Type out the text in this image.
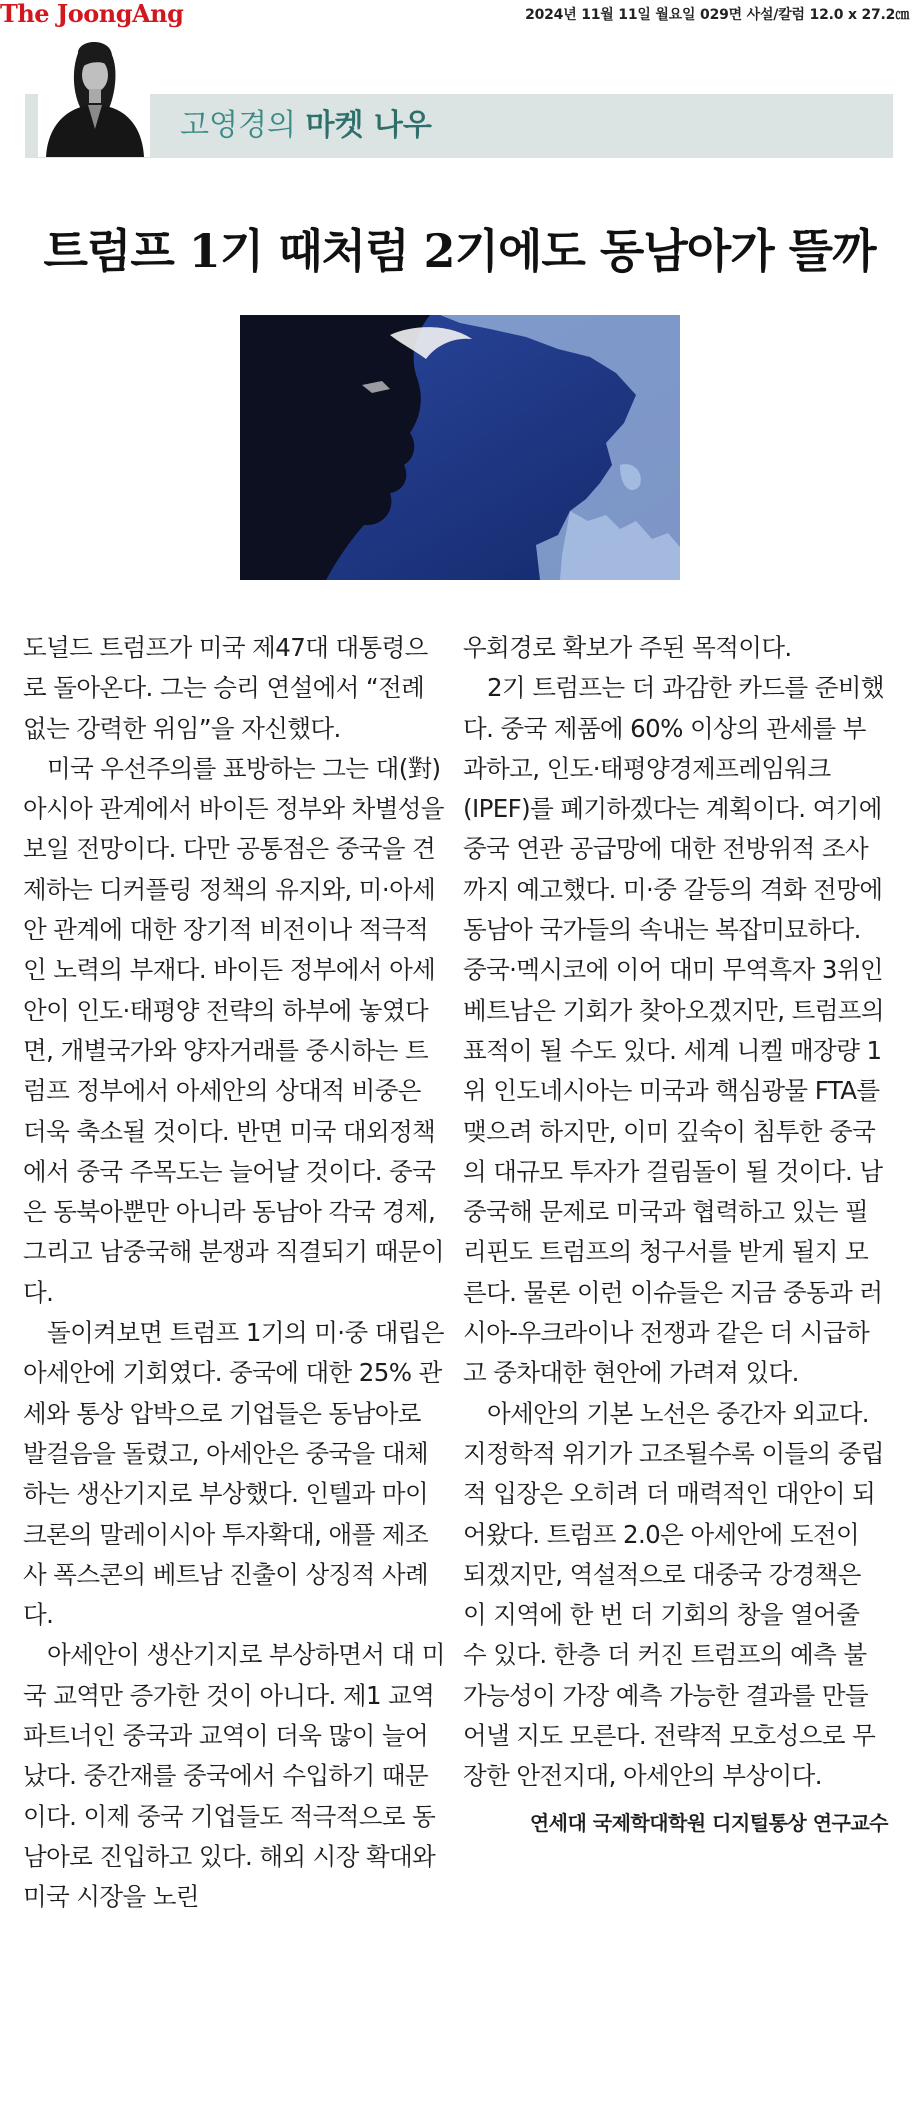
The JoongAng	2024년 11월 11일 월요일 029면 사설/칼럼 12.0 x 27.2㎝
고영경의 마켓 나우
트럼프 1기 때처럼 2기에도 동남아가 뜰까

도널드 트럼프가 미국 제47대 대통령으로 돌아온다. 그는 승리 연설에서 “전례 없는 강력한 위임”을 자신했다.

미국 우선주의를 표방하는 그는 대(對)아시아 관계에서 바이든 정부와 차별성을 보일 전망이다. 다만 공통점은 중국을 견제하는 디커플링 정책의 유지와, 미·아세안 관계에 대한 장기적 비전이나 적극적인 노력의 부재다. 바이든 정부에서 아세안이 인도·태평양 전략의 하부에 놓였다면, 개별국가와 양자거래를 중시하는 트럼프 정부에서 아세안의 상대적 비중은 더욱 축소될 것이다. 반면 미국 대외정책에서 중국 주목도는 늘어날 것이다. 중국은 동북아뿐만 아니라 동남아 각국 경제, 그리고 남중국해 분쟁과 직결되기 때문이다.

돌이켜보면 트럼프 1기의 미·중 대립은 아세안에 기회였다. 중국에 대한 25% 관세와 통상 압박으로 기업들은 동남아로 발걸음을 돌렸고, 아세안은 중국을 대체하는 생산기지로 부상했다. 인텔과 마이크론의 말레이시아 투자확대, 애플 제조사 폭스콘의 베트남 진출이 상징적 사례다.

아세안이 생산기지로 부상하면서 대 미국 교역만 증가한 것이 아니다. 제1 교역파트너인 중국과 교역이 더욱 많이 늘어났다. 중간재를 중국에서 수입하기 때문이다. 이제 중국 기업들도 적극적으로 동남아로 진입하고 있다. 해외 시장 확대와 미국 시장을 노린

우회경로 확보가 주된 목적이다.

2기 트럼프는 더 과감한 카드를 준비했다. 중국 제품에 60% 이상의 관세를 부과하고, 인도·태평양경제프레임워크(IPEF)를 폐기하겠다는 계획이다. 여기에 중국 연관 공급망에 대한 전방위적 조사까지 예고했다. 미·중 갈등의 격화 전망에 동남아 국가들의 속내는 복잡미묘하다. 중국·멕시코에 이어 대미 무역흑자 3위인 베트남은 기회가 찾아오겠지만, 트럼프의 표적이 될 수도 있다. 세계 니켈 매장량 1위 인도네시아는 미국과 핵심광물 FTA를 맺으려 하지만, 이미 깊숙이 침투한 중국의 대규모 투자가 걸림돌이 될 것이다. 남중국해 문제로 미국과 협력하고 있는 필리핀도 트럼프의 청구서를 받게 될지 모른다. 물론 이런 이슈들은 지금 중동과 러시아-우크라이나 전쟁과 같은 더 시급하고 중차대한 현안에 가려져 있다.

아세안의 기본 노선은 중간자 외교다. 지정학적 위기가 고조될수록 이들의 중립적 입장은 오히려 더 매력적인 대안이 되어왔다. 트럼프 2.0은 아세안에 도전이 되겠지만, 역설적으로 대중국 강경책은 이 지역에 한 번 더 기회의 창을 열어줄 수 있다. 한층 더 커진 트럼프의 예측 불가능성이 가장 예측 가능한 결과를 만들어낼 지도 모른다. 전략적 모호성으로 무장한 안전지대, 아세안의 부상이다.

연세대 국제학대학원 디지털통상 연구교수
